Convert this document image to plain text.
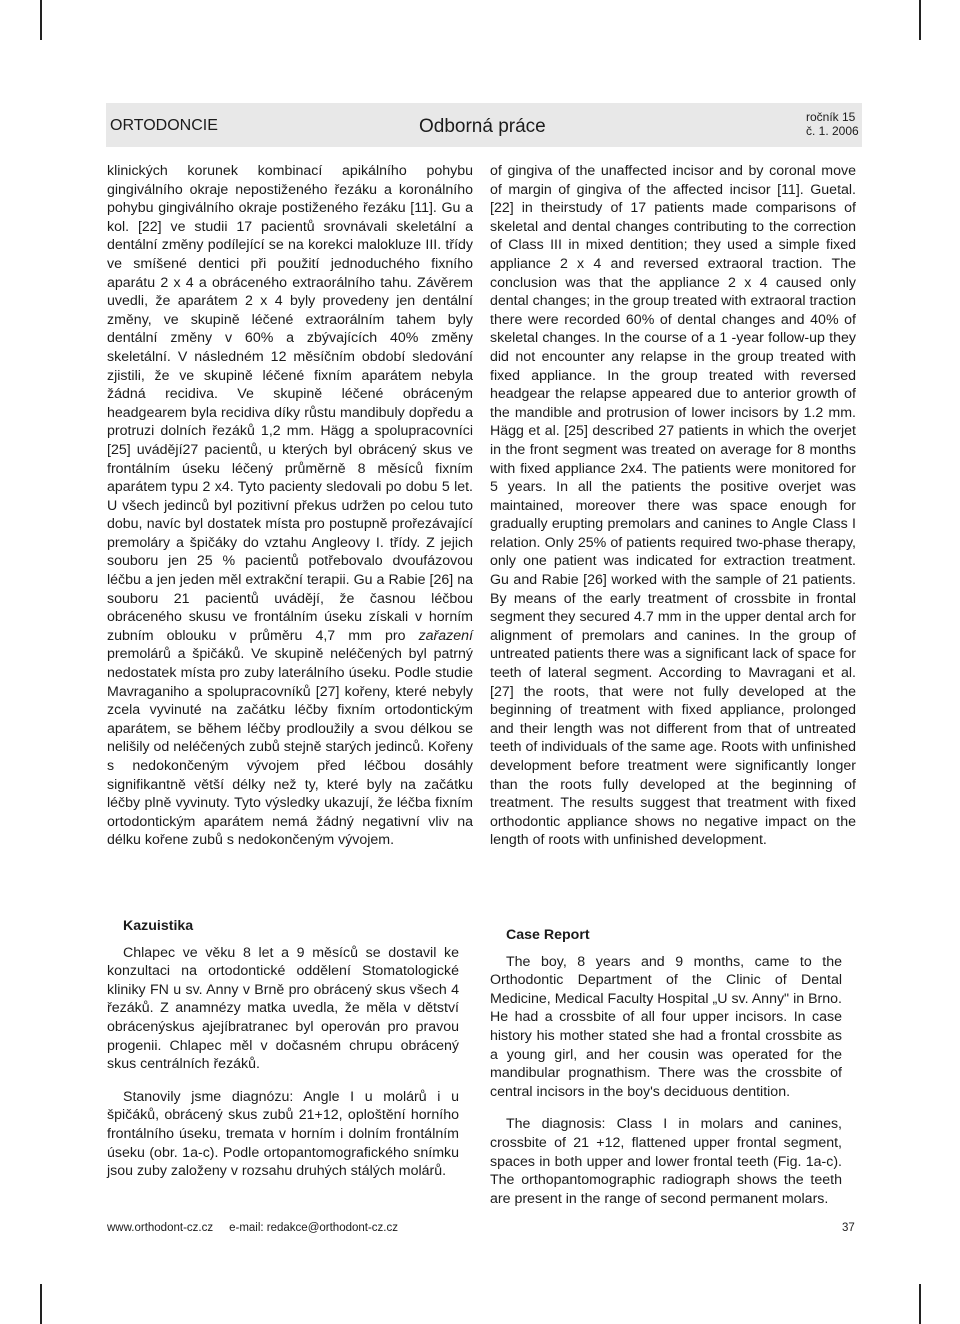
ORTODONCIE	Odborná práce	ročník 15
č. 1. 2006

klinických korunek kombinací apikálního pohybu gingiválního okraje nepostiženého řezáku a koronálního pohybu gingiválního okraje postiženého řezáku [11]. Gu a kol. [22] ve studii 17 pacientů srovnávali skeletální a dentální změny podílející se na korekci malokluze III. třídy ve smíšené dentici při použití jednoduchého fixního aparátu 2 x 4 a obráceného extraorálního tahu. Závěrem uvedli, že aparátem 2 x 4 byly provedeny jen dentální změny, ve skupině léčené extraorálním tahem byly dentální změny v 60% a zbývajících 40% změny skeletální. V následném 12 měsíčním období sledování zjistili, že ve skupině léčené fixním aparátem nebyla žádná recidiva. Ve skupině léčené obráceným headgearem byla recidiva díky růstu mandibuly dopředu a protruzi dolních řezáků 1,2 mm. Hägg a spolupracovníci [25] uvádějí27 pacientů, u kterých byl obrácený skus ve frontálním úseku léčený průměrně 8 měsíců fixním aparátem typu 2 x4. Tyto pacienty sledovali po dobu 5 let. U všech jedinců byl pozitivní překus udržen po celou tuto dobu, navíc byl dostatek místa pro postupně prořezávající premoláry a špičáky do vztahu Angleovy I. třídy. Z jejich souboru jen 25 % pacientů potřebovalo dvoufázovou léčbu a jen jeden měl extrakční terapii. Gu a Rabie [26] na souboru 21 pacientů uvádějí, že časnou léčbou obráceného skusu ve frontálním úseku získali v horním zubním oblouku v průměru 4,7 mm pro zařazení premolárů a špičáků. Ve skupině neléčených byl patrný nedostatek místa pro zuby laterálního úseku. Podle studie Mavraganiho a spolupracovníků [27] kořeny, které nebyly zcela vyvinuté na začátku léčby fixním ortodontickým aparátem, se během léčby prodloužily a svou délkou se nelišily od neléčených zubů stejně starých jedinců. Kořeny s nedokončeným vývojem před léčbou dosáhly signifikantně větší délky než ty, které byly na začátku léčby plně vyvinuty. Tyto výsledky ukazují, že léčba fixním ortodontickým aparátem nemá žádný negativní vliv na délku kořene zubů s nedokončeným vývojem.

of gingiva of the unaffected incisor and by coronal move of margin of gingiva of the affected incisor [11]. Guetal. [22] in theirstudy of 17 patients made comparisons of skeletal and dental changes contributing to the correction of Class III in mixed dentition; they used a simple fixed appliance 2 x 4 and reversed extraoral traction. The conclusion was that the appliance 2 x 4 caused only dental changes; in the group treated with extraoral traction there were recorded 60% of dental changes and 40% of skeletal changes. In the course of a 1 -year follow-up they did not encounter any relapse in the group treated with fixed appliance. In the group treated with reversed headgear the relapse appeared due to anterior growth of the mandible and protrusion of lower incisors by 1.2 mm. Hägg et al. [25] described 27 patients in which the overjet in the front segment was treated on average for 8 months with fixed appliance 2x4. The patients were monitored for 5 years. In all the patients the positive overjet was maintained, moreover there was space enough for gradually erupting premolars and canines to Angle Class I relation. Only 25% of patients required two-phase therapy, only one patient was indicated for extraction treatment. Gu and Rabie [26] worked with the sample of 21 patients. By means of the early treatment of crossbite in frontal segment they secured 4.7 mm in the upper dental arch for alignment of premolars and canines. In the group of untreated patients there was a significant lack of space for teeth of lateral segment. According to Mavragani et al. [27] the roots, that were not fully developed at the beginning of treatment with fixed appliance, prolonged and their length was not different from that of untreated teeth of individuals of the same age. Roots with unfinished development before treatment were significantly longer than the roots fully developed at the beginning of treatment. The results suggest that treatment with fixed orthodontic appliance shows no negative impact on the length of roots with unfinished development.

Kazuistika

Chlapec ve věku 8 let a 9 měsíců se dostavil ke konzultaci na ortodontické oddělení Stomatologické kliniky FN u sv. Anny v Brně pro obrácený skus všech 4 řezáků. Z anamnézy matka uvedla, že měla v dětství obrácenýskus ajejíbratranec byl operován pro pravou progenii. Chlapec měl v dočasném chrupu obrácený skus centrálních řezáků.

Stanovily jsme diagnózu: Angle I u molárů i u špičáků, obrácený skus zubů 21+12, oploštění horního frontálního úseku, tremata v horním i dolním frontálním úseku (obr. 1a-c). Podle ortopantomografického snímku jsou zuby založeny v rozsahu druhých stálých molárů.

Case Report

The boy, 8 years and 9 months, came to the Orthodontic Department of the Clinic of Dental Medicine, Medical Faculty Hospital „U sv. Anny" in Brno. He had a crossbite of all four upper incisors. In case history his mother stated she had a frontal crossbite as a young girl, and her cousin was operated for the mandibular prognathism. There was the crossbite of central incisors in the boy's deciduous dentition.

The diagnosis: Class I in molars and canines, crossbite of 21 +12, flattened upper frontal segment, spaces in both upper and lower frontal teeth (Fig. 1a-c). The orthopantomographic radiograph shows the teeth are present in the range of second permanent molars.

www.orthodont-cz.cz e-mail: redakce@orthodont-cz.cz	37
